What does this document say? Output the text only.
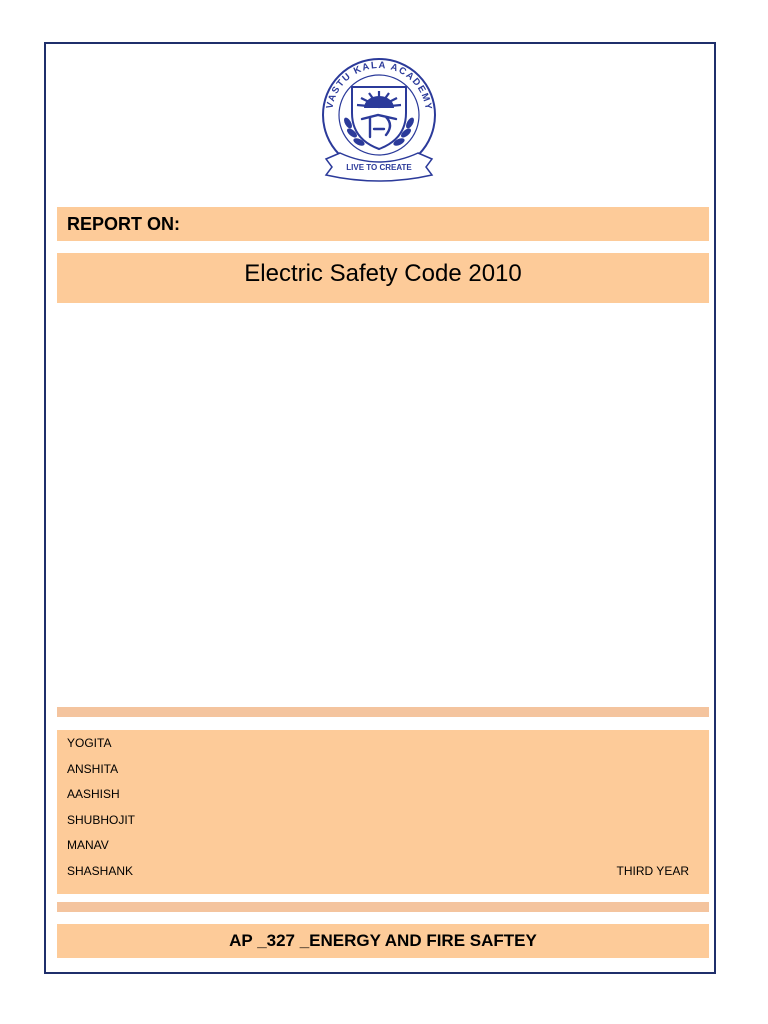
VASTU KALA ACADEMY
LIVE TO CREATE
REPORT ON:
Electric Safety Code 2010
YOGITA
ANSHITA
AASHISH
SHUBHOJIT
MANAV
SHASHANK	THIRD YEAR
AP _327 _ENERGY AND FIRE SAFTEY
